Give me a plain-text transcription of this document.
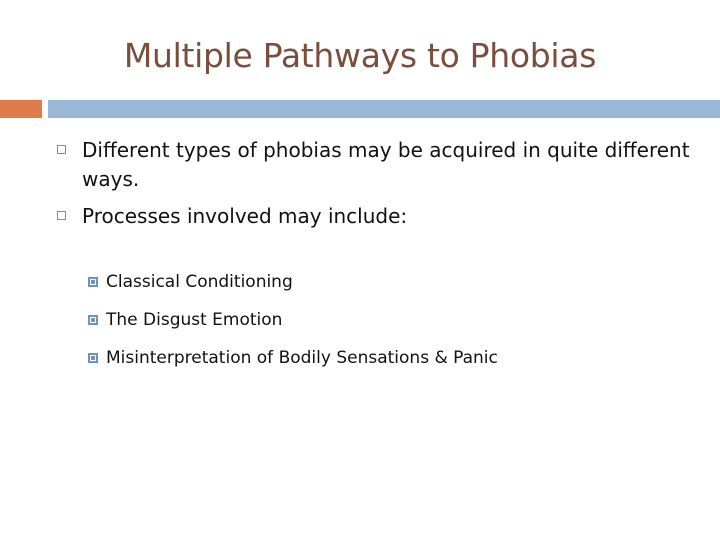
Multiple Pathways to Phobias
Different types of phobias may be acquired in quite different ways.
Processes involved may include:
Classical Conditioning
The Disgust Emotion
Misinterpretation of Bodily Sensations & Panic
